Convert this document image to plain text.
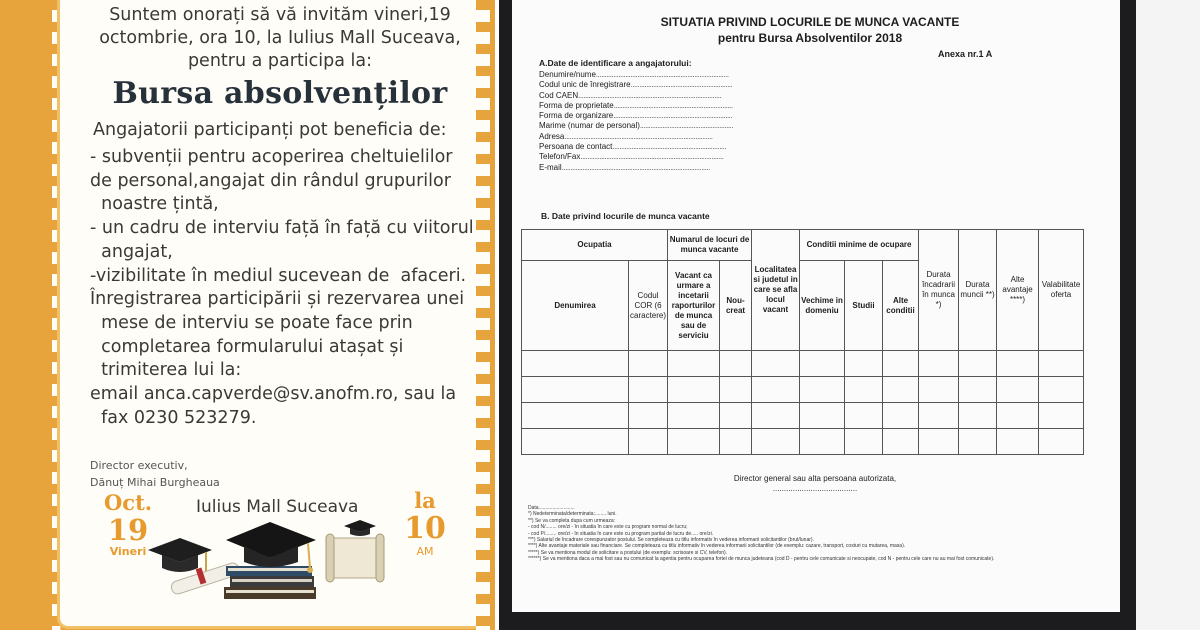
Suntem onorați să vă invităm vineri,19
octombrie, ora 10, la Iulius Mall Suceava,
pentru a participa la:
Bursa absolvenților
Angajatorii participanți pot beneficia de:
- subvenții pentru acoperirea cheltuielilor
de personal,angajat din rândul grupurilor
noastre țintă,
- un cadru de interviu față în față cu viitorul
angajat,
-vizibilitate în mediul sucevean de  afaceri.
Înregistrarea participării și rezervarea unei
mese de interviu se poate face prin
completarea formularului atașat și
trimiterea lui la:
email anca.capverde@sv.anofm.ro, sau la
fax 0230 523279.
Director executiv,
Dănuț Mihai Burgheaua
Oct.
19
Vineri
Iulius Mall Suceava	la
10
AM
SITUATIA PRIVIND LOCURILE DE MUNCA VACANTE
pentru Bursa Absolventilor 2018
Anexa nr.1 A
A.Date de identificare a angajatorului:
Denumire/nume.............................................................................
Codul unic de înregistrare...........................................................
Cod CAEN...................................................................................
Forma de proprietate.....................................................................
Forma de organizare.....................................................................
Marime (numar de personal)......................................................
Adresa......................................................................................
Persoana de contact..................................................................
Telefon/Fax...................................................................................
E-mail......................................................................................
B. Date privind locurile de munca vacante
Ocupatia		Numarul de locuri de munca vacante		Localitatea si judetul in care se afla locul vacant	Conditii minime de ocupare			Durata încadrarii în munca *)	Durata muncii **)	Alte avantaje ****)	Valabilitate oferta
Denumirea	Codul COR (6 caractere)	Vacant ca urmare a incetarii raporturilor de munca sau de serviciu	Nou-creat		Vechime in domeniu	Studii	Alte conditii				

Director general sau alta persoana autorizata,
......................................
Data..........................
*) Nedeterminata/determinata:........ luni.
**) Se va completa dupa cum urmeaza:
- cod N/........ ore/zi - în situatia în care este cu program normal de lucru;
- cod P/........ ore/zi - în situatia în care este cu program partial de lucru de..... ore/zi.
***) Salariul de încadrare corespunzator postului. Se completeaza cu titlu informativ în vederea informarii solicitantilor (brut/lunar).
****) Alte avantaje materiale sau financiare. Se completeaza cu titlu informativ în vederea informarii solicitantilor (de exemplu: cazare, transport, costuri cu mutarea, masa).
*****) Se va mentiona modul de solicitare a postului (de exemplu: scrisoare si CV, telefon).
******) Se va mentiona daca a mai fost sau nu comunicat la agentia pentru ocuparea fortei de munca judeteana (cod D - pentru cele comunicate si neocupate, cod N - pentru cele care nu au mai fost comunicate).
